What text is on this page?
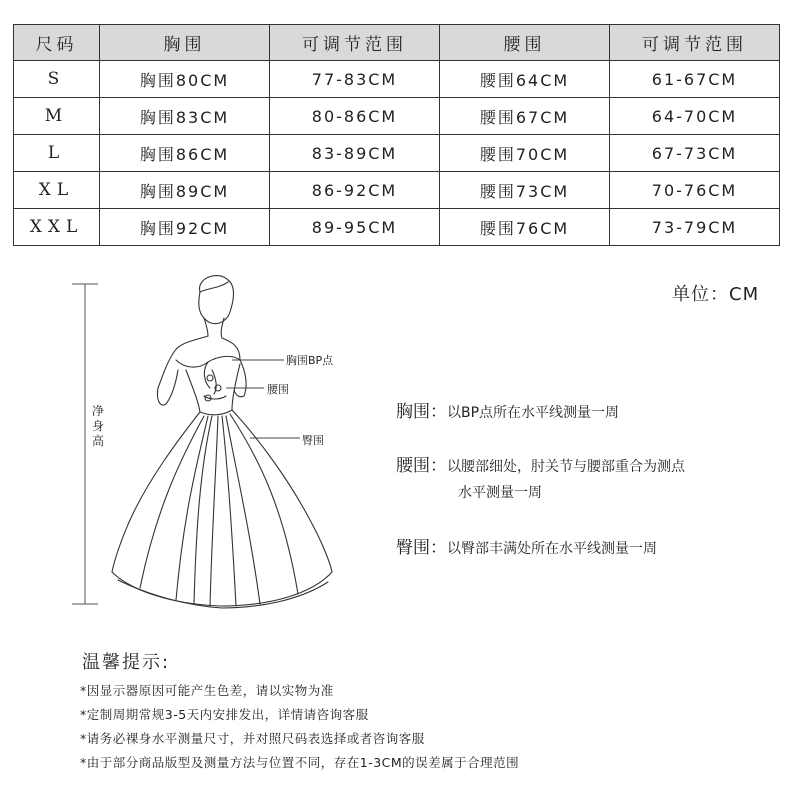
尺码	胸围	可调节范围	腰围	可调节范围
S	胸围80CM	77-83CM	腰围64CM	61-67CM
M	胸围83CM	80-86CM	腰围67CM	64-70CM
L	胸围86CM	83-89CM	腰围70CM	67-73CM
XL	胸围89CM	86-92CM	腰围73CM	70-76CM
XXL	胸围92CM	89-95CM	腰围76CM	73-79CM
单位：CM
净身高
胸围BP点
腰围
臀围
胸围：以BP点所在水平线测量一周
腰围：以腰部细处，肘关节与腰部重合为测点
水平测量一周
臀围：以臀部丰满处所在水平线测量一周
温馨提示:
*因显示器原因可能产生色差，请以实物为准
*定制周期常规3-5天内安排发出，详情请咨询客服
*请务必裸身水平测量尺寸，并对照尺码表选择或者咨询客服
*由于部分商品版型及测量方法与位置不同，存在1-3CM的误差属于合理范围
